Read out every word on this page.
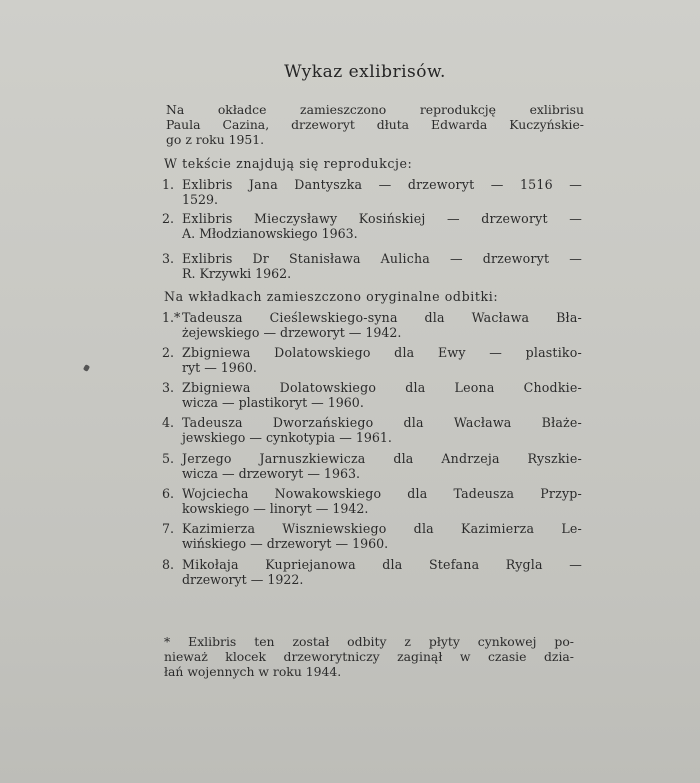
Wykaz exlibrisów.
Na okładce zamieszczono reprodukcję exlibrisu
Paula Cazina, drzeworyt dłuta Edwarda Kuczyńskie-
go z roku 1951.
W tekście znajdują się reprodukcje:
1. Exlibris Jana Dantyszka — drzeworyt — 1516 —
1529.
2. Exlibris Mieczysławy Kosińskiej — drzeworyt —
A. Młodzianowskiego 1963.
3. Exlibris Dr Stanisława Aulicha — drzeworyt —
R. Krzywki 1962.
Na wkładkach zamieszczono oryginalne odbitki:
1.* Tadeusza Cieślewskiego-syna dla Wacława Bła-
żejewskiego — drzeworyt — 1942.
2. Zbigniewa Dolatowskiego dla Ewy — plastiko-
ryt — 1960.
3. Zbigniewa Dolatowskiego dla Leona Chodkie-
wicza — plastikoryt — 1960.
4. Tadeusza Dworzańskiego dla Wacława Błaże-
jewskiego — cynkotypia — 1961.
5. Jerzego Jarnuszkiewicza dla Andrzeja Ryszkie-
wicza — drzeworyt — 1963.
6. Wojciecha Nowakowskiego dla Tadeusza Przyp-
kowskiego — linoryt — 1942.
7. Kazimierza Wiszniewskiego dla Kazimierza Le-
wińskiego — drzeworyt — 1960.
8. Mikołaja Kupriejanowa dla Stefana Rygla —
drzeworyt — 1922.
* Exlibris ten został odbity z płyty cynkowej po-
nieważ klocek drzeworytniczy zaginął w czasie dzia-
łań wojennych w roku 1944.
